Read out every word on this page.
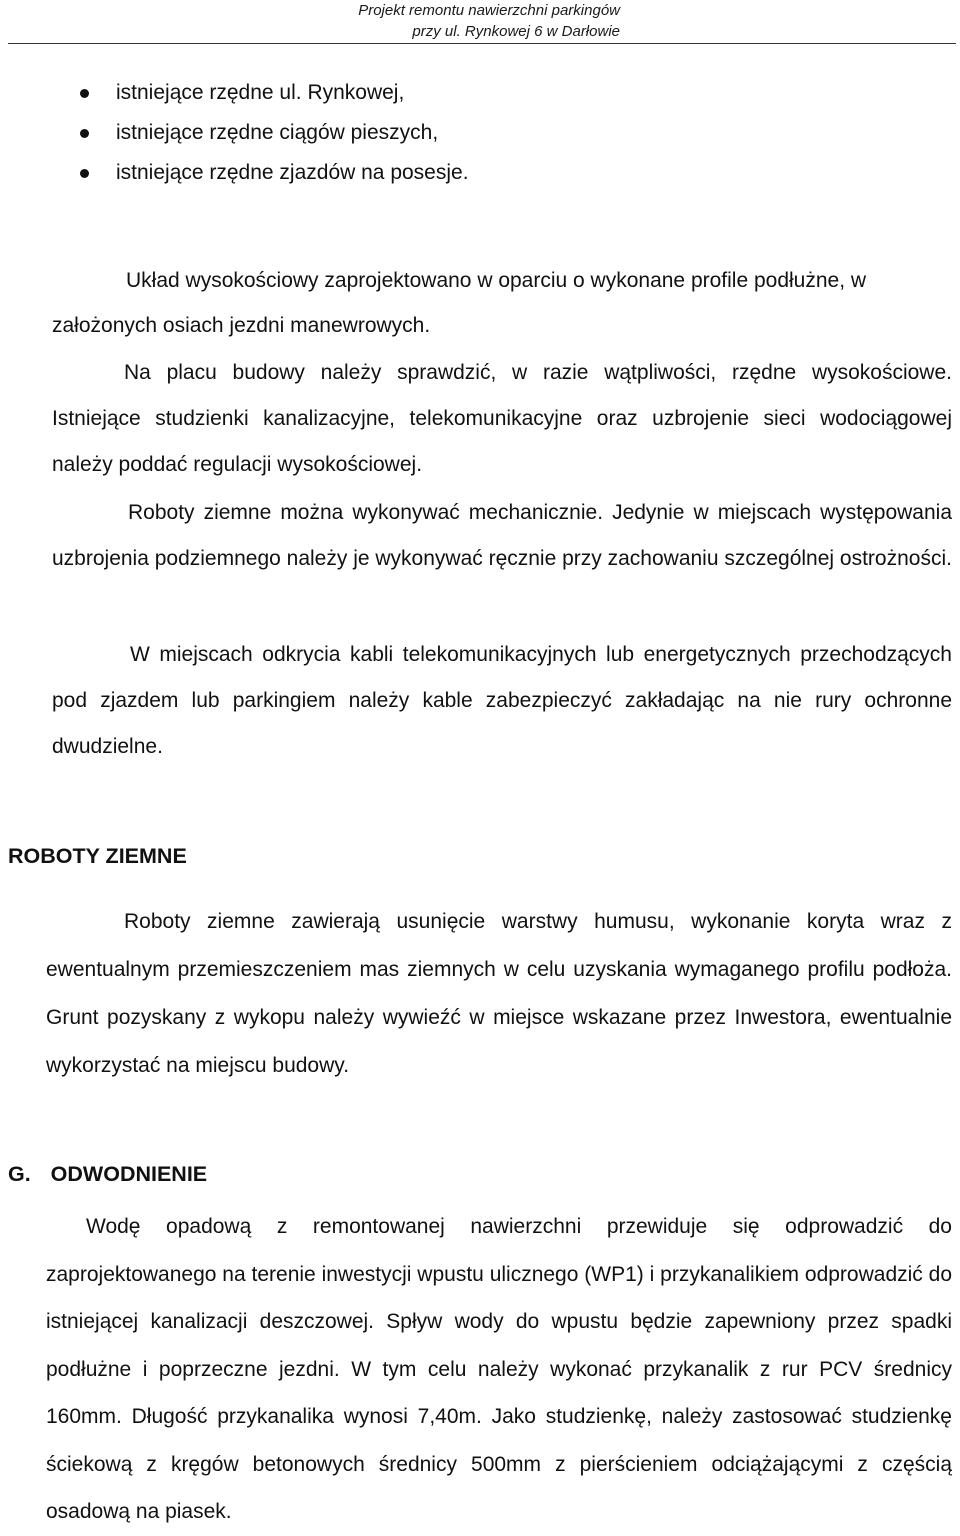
Projekt remontu nawierzchni parkingów
przy ul. Rynkowej 6 w Darłowie
istniejące rzędne ul. Rynkowej,
istniejące rzędne ciągów pieszych,
istniejące rzędne zjazdów na posesje.

Układ wysokościowy zaprojektowano w oparciu o wykonane profile podłużne, w założonych osiach jezdni manewrowych.

Na placu budowy należy sprawdzić, w razie wątpliwości, rzędne wysokościowe. Istniejące studzienki kanalizacyjne, telekomunikacyjne oraz uzbrojenie sieci wodociągowej należy poddać regulacji wysokościowej.

Roboty ziemne można wykonywać mechanicznie. Jedynie w miejscach występowania uzbrojenia podziemnego należy je wykonywać ręcznie przy zachowaniu szczególnej ostrożności.

W miejscach odkrycia kabli telekomunikacyjnych lub energetycznych przechodzących pod zjazdem lub parkingiem należy kable zabezpieczyć zakładając na nie rury ochronne dwudzielne.

ROBOTY ZIEMNE

Roboty ziemne zawierają usunięcie warstwy humusu, wykonanie koryta wraz z ewentualnym przemieszczeniem mas ziemnych w celu uzyskania wymaganego profilu podłoża. Grunt pozyskany z wykopu należy wywieźć w miejsce wskazane przez Inwestora, ewentualnie wykorzystać na miejscu budowy.

G. ODWODNIENIE

Wodę opadową z remontowanej nawierzchni przewiduje się odprowadzić do zaprojektowanego na terenie inwestycji wpustu ulicznego (WP1) i przykanalikiem odprowadzić do istniejącej kanalizacji deszczowej. Spływ wody do wpustu będzie zapewniony przez spadki podłużne i poprzeczne jezdni. W tym celu należy wykonać przykanalik z rur PCV średnicy 160mm. Długość przykanalika wynosi 7,40m. Jako studzienkę, należy zastosować studzienkę ściekową z kręgów betonowych średnicy 500mm z pierścieniem odciążającymi z częścią osadową na piasek.
